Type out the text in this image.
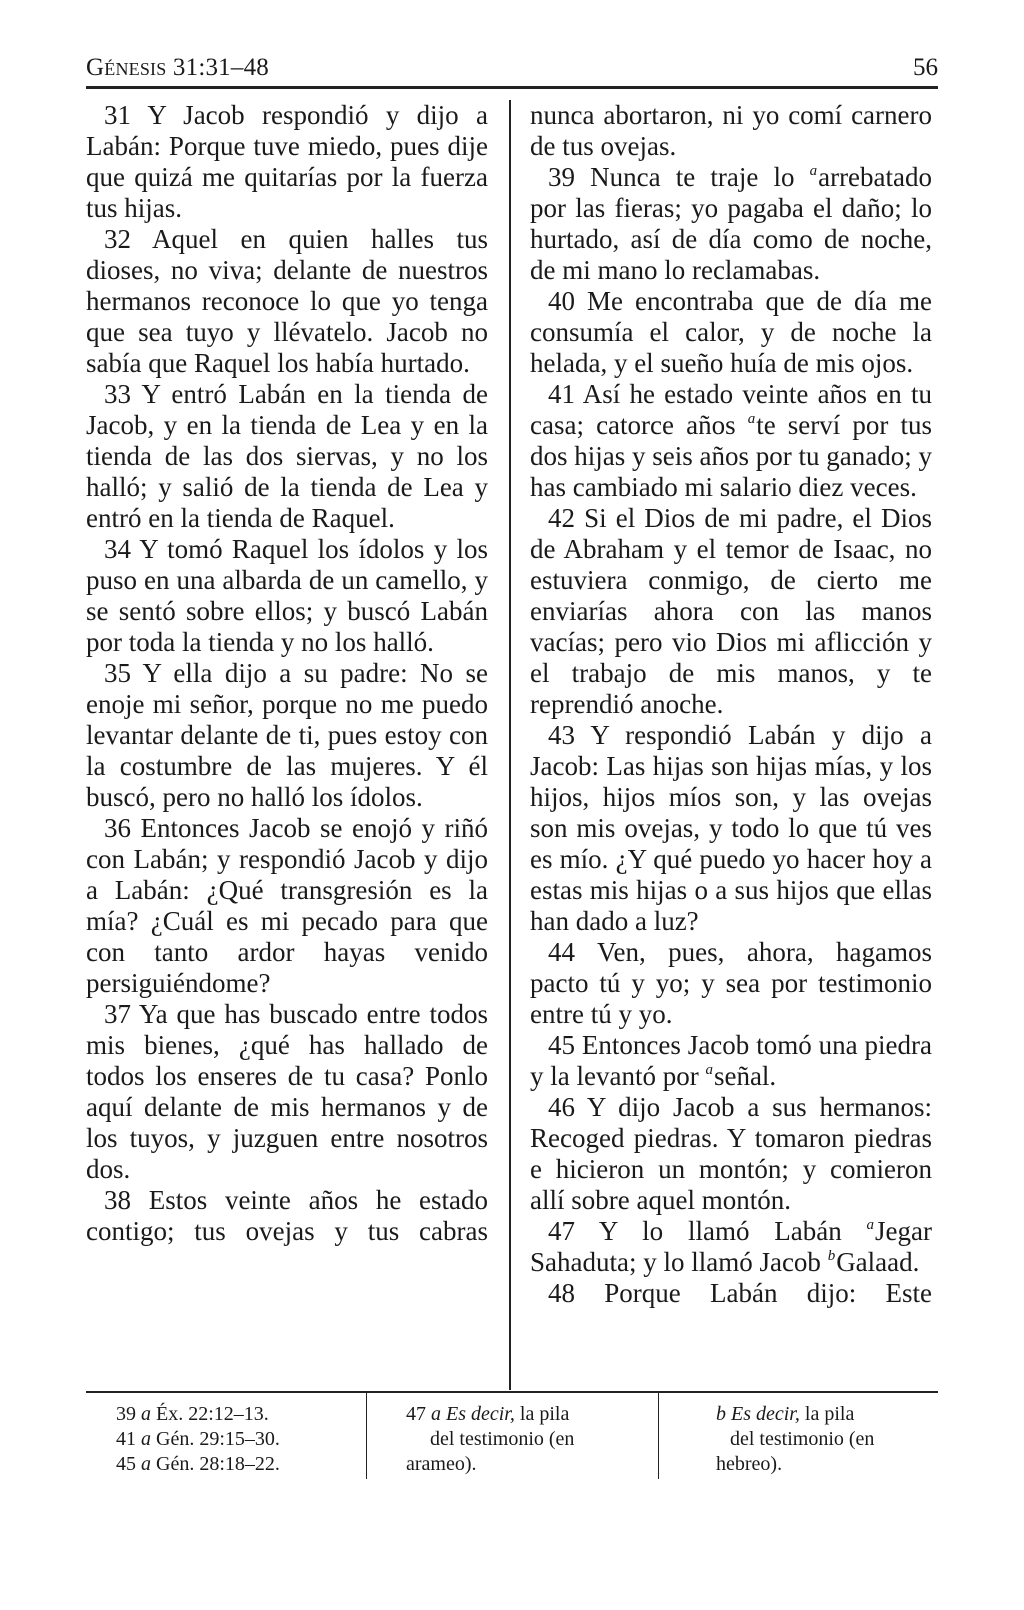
Génesis 31:31–48	56

31 Y Jacob respondió y dijo a Labán: Porque tuve miedo, pues dije que quizá me quitarías por la fuerza tus hijas.

32 Aquel en quien halles tus dioses, no viva; delante de nuestros hermanos reconoce lo que yo tenga que sea tuyo y llévatelo. Jacob no sabía que Raquel los había hurtado.

33 Y entró Labán en la tienda de Jacob, y en la tienda de Lea y en la tienda de las dos siervas, y no los halló; y salió de la tienda de Lea y entró en la tienda de Raquel.

34 Y tomó Raquel los ídolos y los puso en una albarda de un camello, y se sentó sobre ellos; y buscó Labán por toda la tienda y no los halló.

35 Y ella dijo a su padre: No se enoje mi señor, porque no me puedo levantar delante de ti, pues estoy con la costumbre de las mujeres. Y él buscó, pero no halló los ídolos.

36 Entonces Jacob se enojó y riñó con Labán; y respondió Jacob y dijo a Labán: ¿Qué transgresión es la mía? ¿Cuál es mi pecado para que con tanto ardor hayas venido persiguiéndome?

37 Ya que has buscado entre todos mis bienes, ¿qué has hallado de todos los enseres de tu casa? Ponlo aquí delante de mis hermanos y de los tuyos, y juzguen entre nosotros dos.

38 Estos veinte años he estado contigo; tus ovejas y tus cabras

nunca abortaron, ni yo comí carnero de tus ovejas.

39 Nunca te traje lo $^a$arrebatado por las fieras; yo pagaba el daño; lo hurtado, así de día como de noche, de mi mano lo reclamabas.

40 Me encontraba que de día me consumía el calor, y de noche la helada, y el sueño huía de mis ojos.

41 Así he estado veinte años en tu casa; catorce años $^a$te serví por tus dos hijas y seis años por tu ganado; y has cambiado mi salario diez veces.

42 Si el Dios de mi padre, el Dios de Abraham y el temor de Isaac, no estuviera conmigo, de cierto me enviarías ahora con las manos vacías; pero vio Dios mi aflicción y el trabajo de mis manos, y te reprendió anoche.

43 Y respondió Labán y dijo a Jacob: Las hijas son hijas mías, y los hijos, hijos míos son, y las ovejas son mis ovejas, y todo lo que tú ves es mío. ¿Y qué puedo yo hacer hoy a estas mis hijas o a sus hijos que ellas han dado a luz?

44 Ven, pues, ahora, hagamos pacto tú y yo; y sea por testimonio entre tú y yo.

45 Entonces Jacob tomó una piedra y la levantó por $^a$señal.

46 Y dijo Jacob a sus hermanos: Recoged piedras. Y tomaron piedras e hicieron un montón; y comieron allí sobre aquel montón.

47 Y lo llamó Labán $^a$Jegar Sahaduta; y lo llamó Jacob $^b$Galaad.

48 Porque Labán dijo: Este

39 a Éx. 22:12–13.
41 a Gén. 29:15–30.
45 a Gén. 28:18–22.
47 a Es decir, la pila
del testimonio (en
arameo).
b Es decir, la pila
del testimonio (en
hebreo).
